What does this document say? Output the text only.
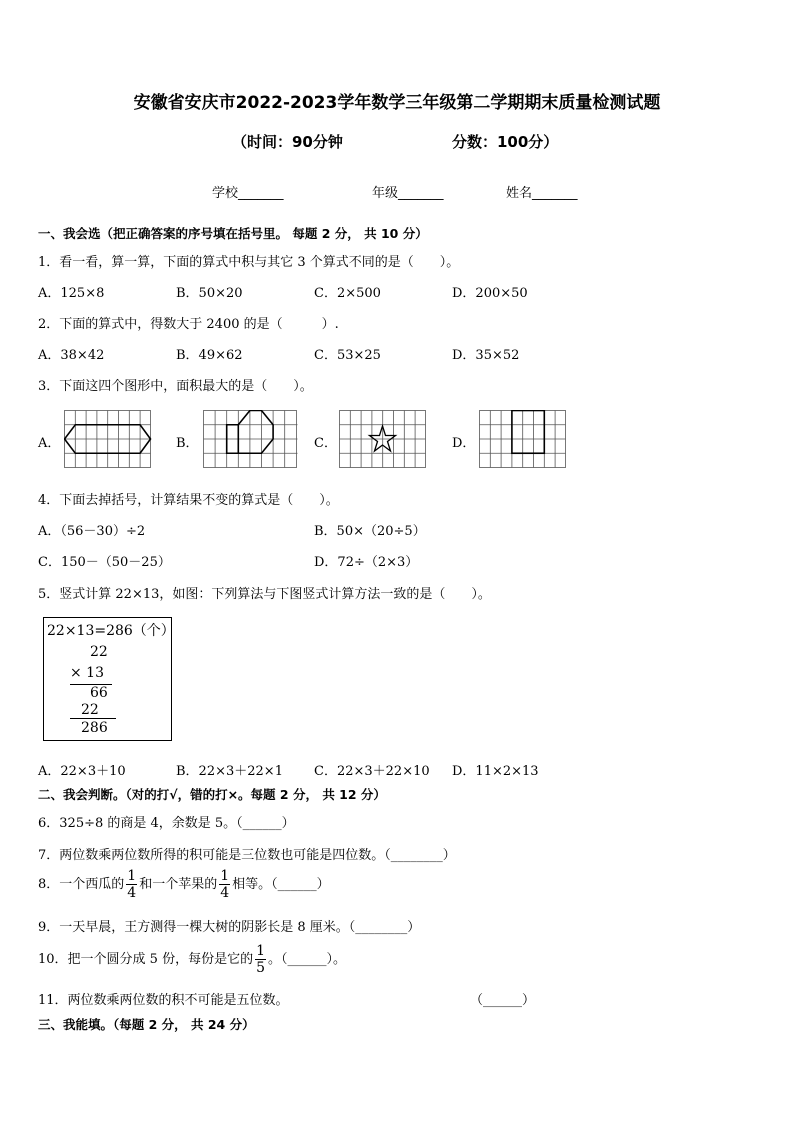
安徽省安庆市2022-2023学年数学三年级第二学期期末质量检测试题
（时间：90分钟	分数：100分）
学校_______	年级_______	姓名_______
一、我会选（把正确答案的序号填在括号里。 每题 2 分， 共 10 分）
1．看一看，算一算，下面的算式中积与其它 3 个算式不同的是（　　）。
A．125×8	B．50×20	C．2×500	D．200×50
2．下面的算式中，得数大于 2400 的是（　　　）.
A．38×42	B．49×62	C．53×25	D．35×52
3．下面这四个图形中，面积最大的是（　　）。
A．	B．	C．	D．
4．下面去掉括号，计算结果不变的算式是（　　）。
A．（56－30）÷2	B．50×（20÷5）
C．150－（50－25）	D．72÷（2×3）
5．竖式计算 22×13，如图：下列算法与下图竖式计算方法一致的是（　　）。
22×13=286（个）
22
× 13
66
22
286
A．22×3＋10	B．22×3＋22×1 C．22×3＋22×10 D．11×2×13
二、我会判断。（对的打√，错的打×。每题 2 分， 共 12 分）
6．325÷8 的商是 4，余数是 5。（______）
7．两位数乘两位数所得的积可能是三位数也可能是四位数。（________）
8．一个西瓜的 $\frac{1}{4}$ 和一个苹果的 $\frac{1}{4}$ 相等。（______）
9．一天早晨，王方测得一棵大树的阴影长是 8 厘米。（________）
10．把一个圆分成 5 份，每份是它的 $\frac{1}{5}$ 。（______）。
11．两位数乘两位数的积不可能是五位数。	（______）
三、我能填。（每题 2 分， 共 24 分）
